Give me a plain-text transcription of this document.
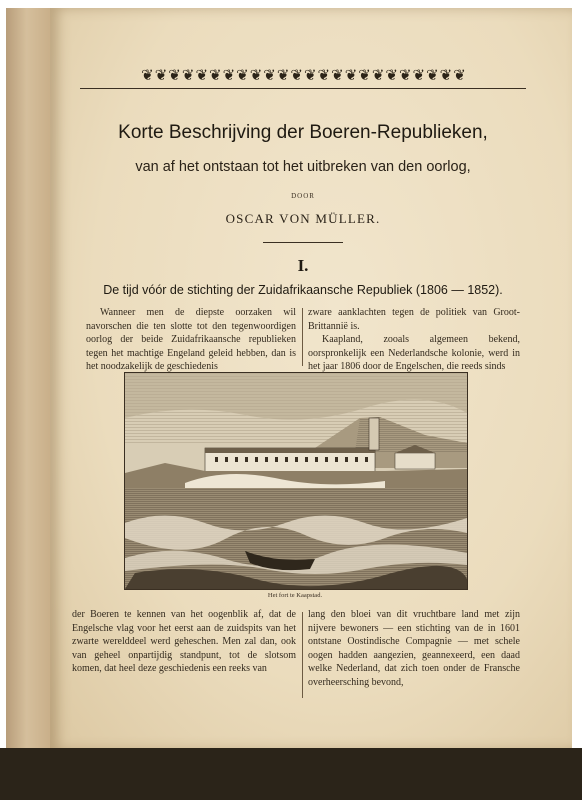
❦❦❦❦❦❦❦❦❦❦❦❦❦❦❦❦❦❦❦❦❦❦❦❦
Korte Beschrijving der Boeren-Republieken,
van af het ontstaan tot het uitbreken van den oorlog,
DOOR
OSCAR VON MÜLLER.
I.
De tijd vóór de stichting der Zuidafrikaansche Republiek (1806 — 1852).

Wanneer men de diepste oorzaken wil navorschen die ten slotte tot den tegenwoordigen oorlog der beide Zuidafrikaansche republieken tegen het machtige Engeland geleid hebben, dan is het noodzakelijk de geschiedenis

zware aanklachten tegen de politiek van Groot-Brittannië is.

Kaapland, zooals algemeen bekend, oorspronkelijk een Nederlandsche kolonie, werd in het jaar 1806 door de Engelschen, die reeds sinds

Het fort te Kaapstad.

der Boeren te kennen van het oogenblik af, dat de Engelsche vlag voor het eerst aan de zuidspits van het zwarte werelddeel werd geheschen. Men zal dan, ook van geheel onpartijdig standpunt, tot de slotsom komen, dat heel deze geschiedenis een reeks van

lang den bloei van dit vruchtbare land met zijn nijvere bewoners — een stichting van de in 1601 ontstane Oostindische Compagnie — met schele oogen hadden aangezien, geannexeerd, een daad welke Nederland, dat zich toen onder de Fransche overheersching bevond,
